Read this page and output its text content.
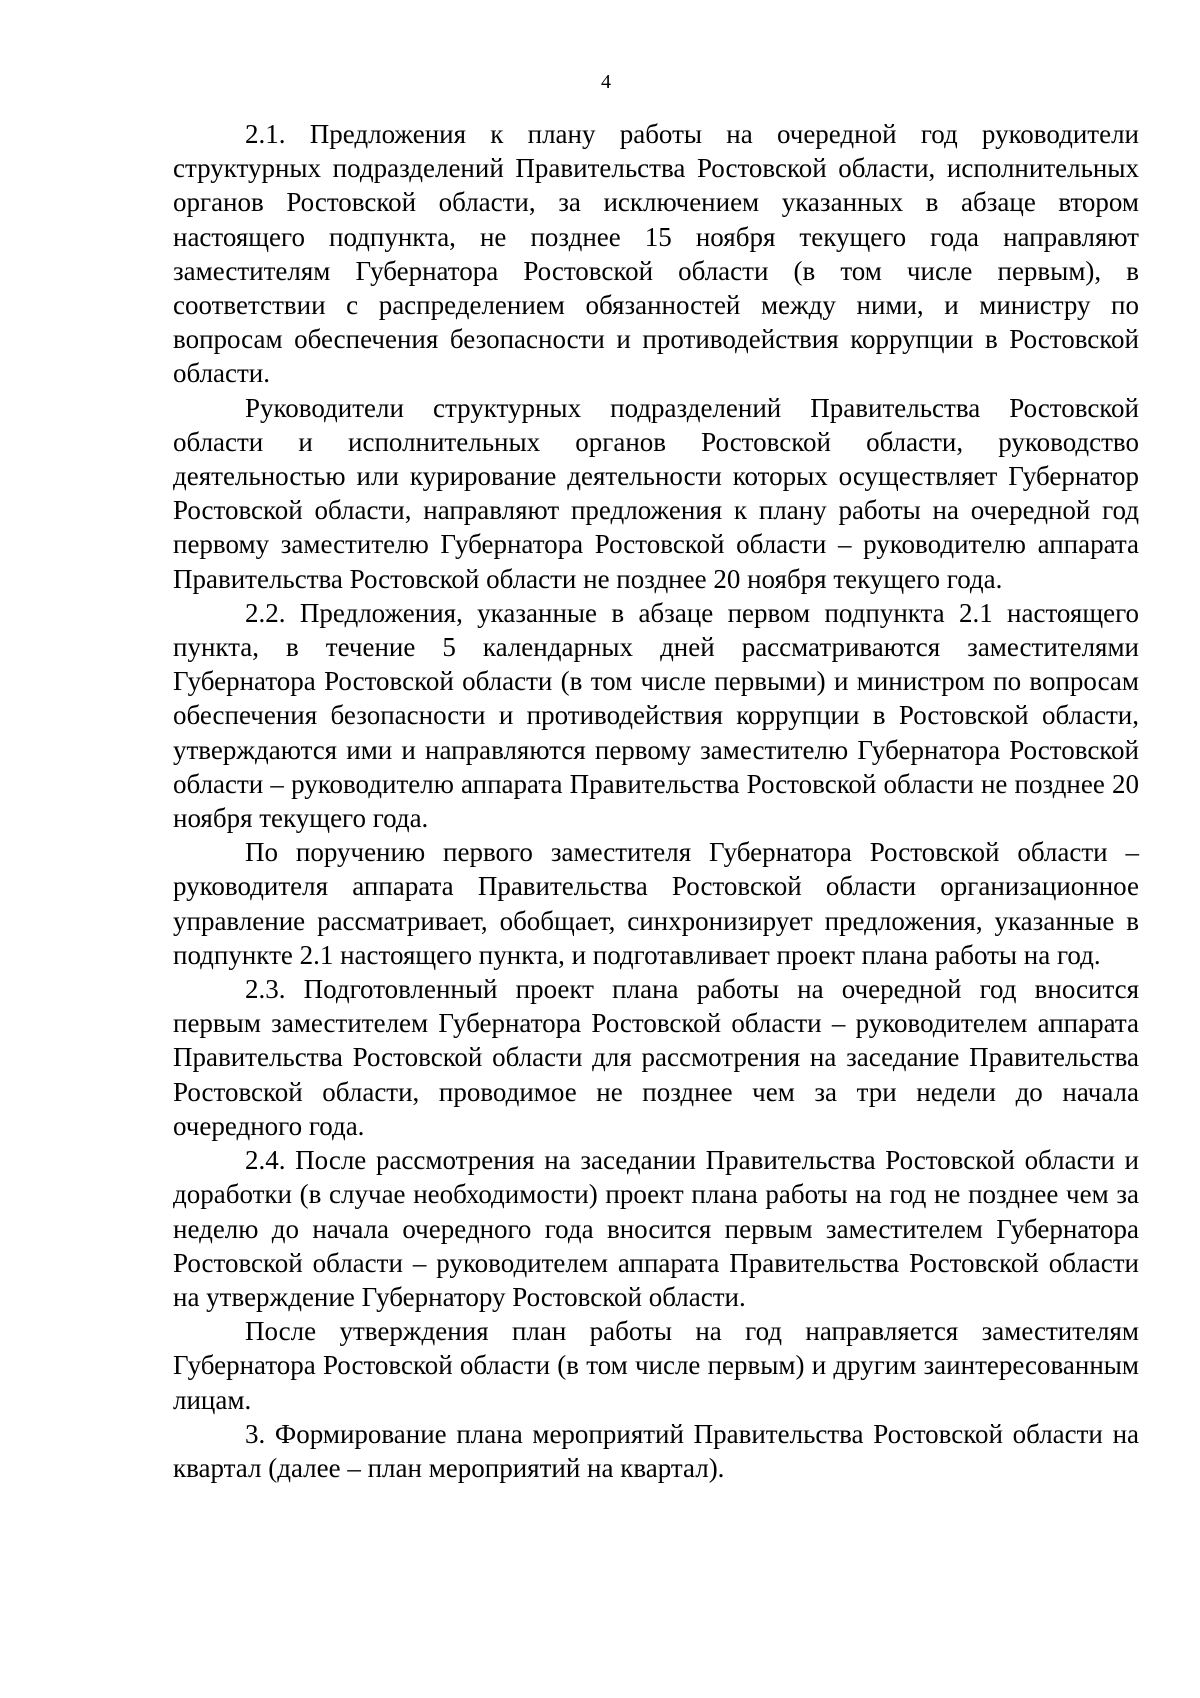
4

2.1. Предложения к плану работы на очередной год руководители структурных подразделений Правительства Ростовской области, исполнительных органов Ростовской области, за исключением указанных в абзаце втором настоящего подпункта, не позднее 15 ноября текущего года направляют заместителям Губернатора Ростовской области (в том числе первым), в соответствии с распределением обязанностей между ними, и министру по вопросам обеспечения безопасности и противодействия коррупции в Ростовской области.

Руководители структурных подразделений Правительства Ростовской области и исполнительных органов Ростовской области, руководство деятельностью или курирование деятельности которых осуществляет Губернатор Ростовской области, направляют предложения к плану работы на очередной год первому заместителю Губернатора Ростовской области – руководителю аппарата Правительства Ростовской области не позднее 20 ноября текущего года.

2.2. Предложения, указанные в абзаце первом подпункта 2.1 настоящего пункта, в течение 5 календарных дней рассматриваются заместителями Губернатора Ростовской области (в том числе первыми) и министром по вопросам обеспечения безопасности и противодействия коррупции в Ростовской области, утверждаются ими и направляются первому заместителю Губернатора Ростовской области – руководителю аппарата Правительства Ростовской области не позднее 20 ноября текущего года.

По поручению первого заместителя Губернатора Ростовской области – руководителя аппарата Правительства Ростовской области организационное управление рассматривает, обобщает, синхронизирует предложения, указанные в подпункте 2.1 настоящего пункта, и подготавливает проект плана работы на год.

2.3. Подготовленный проект плана работы на очередной год вносится первым заместителем Губернатора Ростовской области – руководителем аппарата Правительства Ростовской области для рассмотрения на заседание Правительства Ростовской области, проводимое не позднее чем за три недели до начала очередного года.

2.4. После рассмотрения на заседании Правительства Ростовской области и доработки (в случае необходимости) проект плана работы на год не позднее чем за неделю до начала очередного года вносится первым заместителем Губернатора Ростовской области – руководителем аппарата Правительства Ростовской области на утверждение Губернатору Ростовской области.

После утверждения план работы на год направляется заместителям Губернатора Ростовской области (в том числе первым) и другим заинтересованным лицам.

3. Формирование плана мероприятий Правительства Ростовской области на квартал (далее – план мероприятий на квартал).
